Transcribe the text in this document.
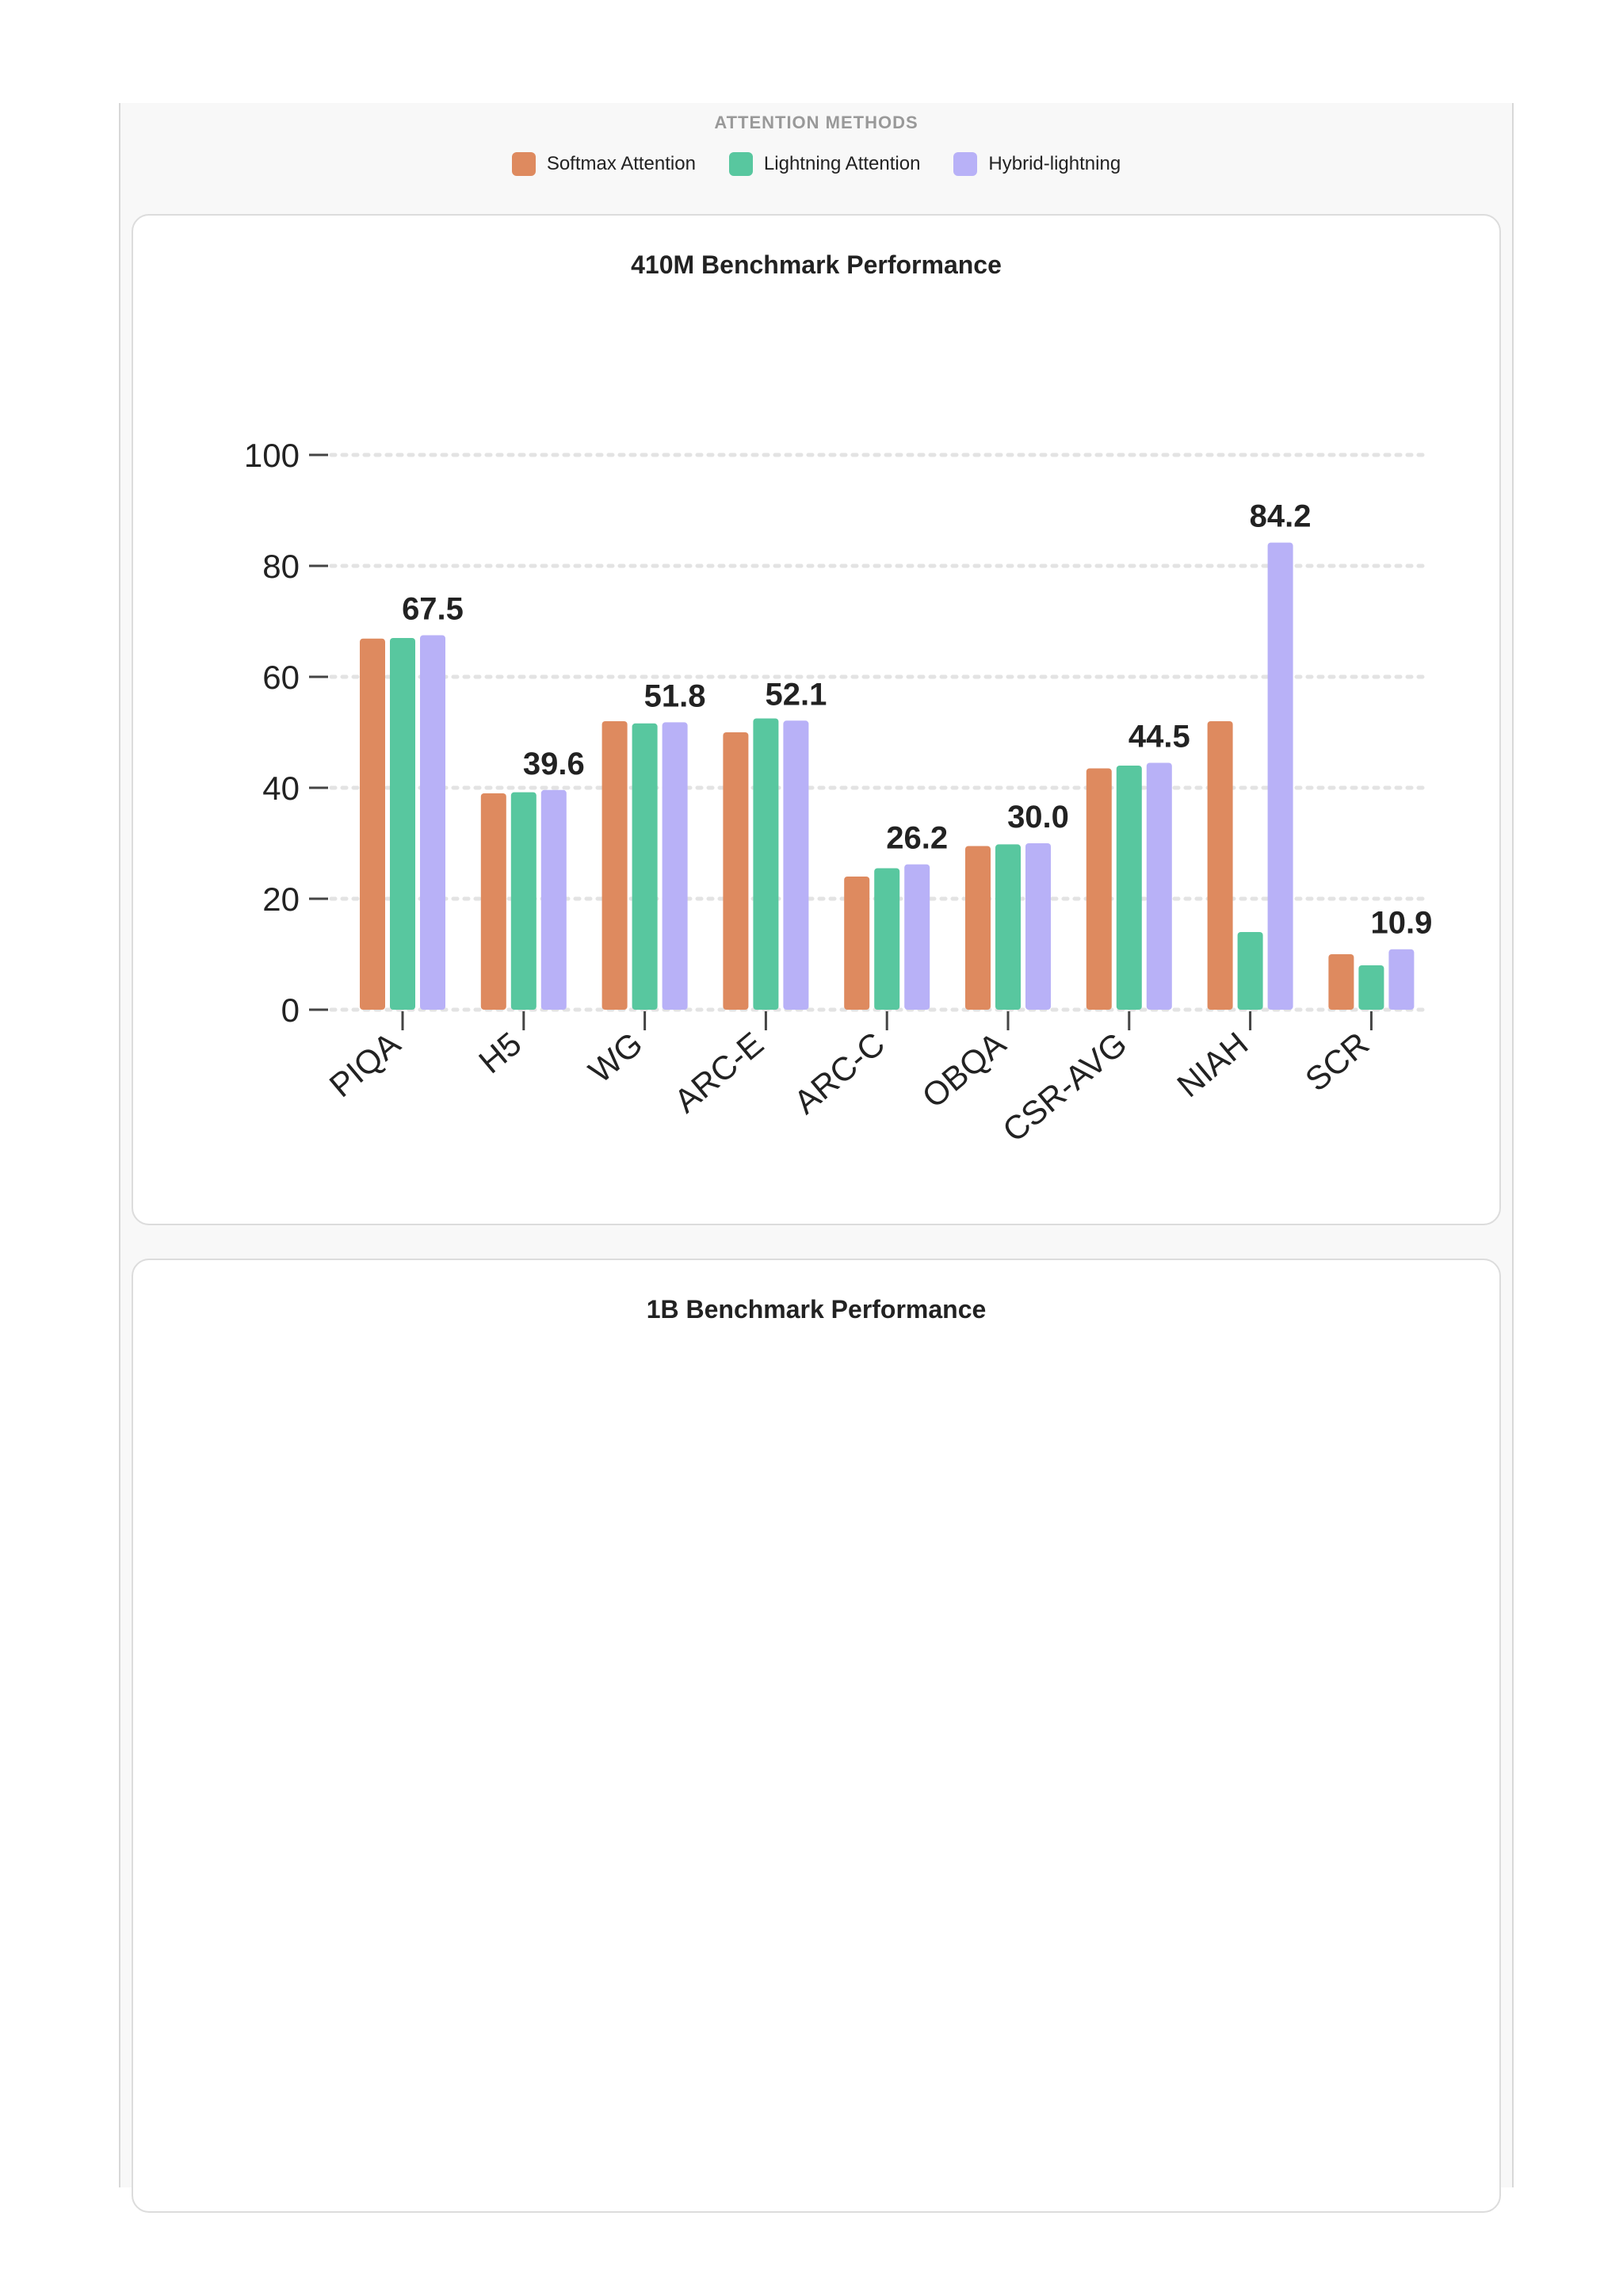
ATTENTION METHODS
Softmax Attention	Lightning Attention	Hybrid-lightning
410M Benchmark Performance
0
20
40
60
80
100
67.5
PIQA
39.6
H5
51.8
WG
52.1
ARC-E
26.2
ARC-C
30.0
OBQA
44.5
CSR-AVG
84.2
NIAH
10.9
SCR
1B Benchmark Performance
